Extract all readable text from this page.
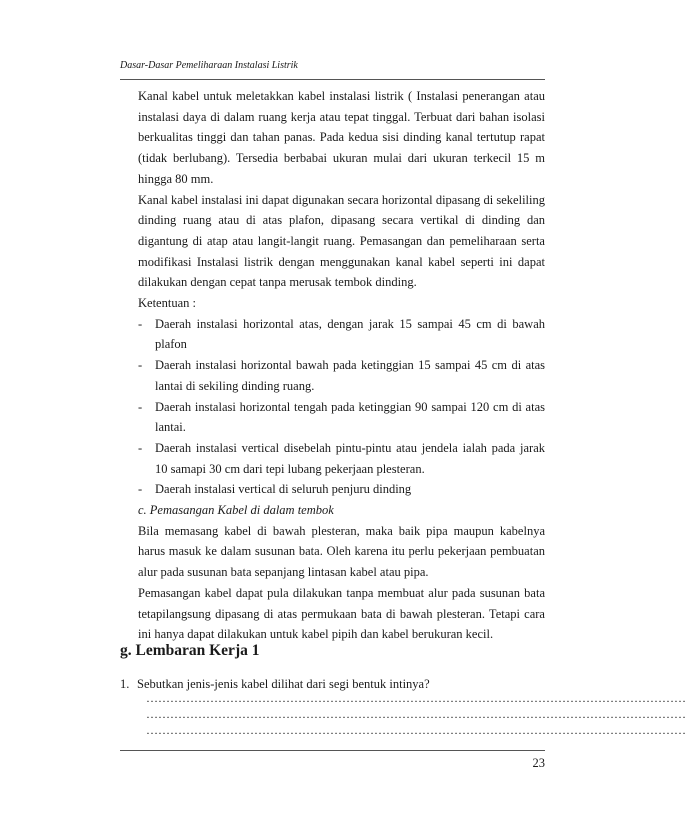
Dasar-Dasar Pemeliharaan Instalasi Listrik

Kanal kabel untuk meletakkan kabel instalasi listrik ( Instalasi penerangan atau instalasi daya di dalam ruang kerja atau tepat tinggal. Terbuat dari bahan isolasi berkualitas tinggi dan tahan panas. Pada kedua sisi dinding kanal tertutup rapat (tidak berlubang). Tersedia berbabai ukuran mulai dari ukuran terkecil 15 m hingga 80 mm.

Kanal kabel instalasi ini dapat digunakan secara horizontal dipasang di sekeliling dinding ruang atau di atas plafon, dipasang secara vertikal di dinding dan digantung di atap atau langit-langit ruang. Pemasangan dan pemeliharaan serta modifikasi Instalasi listrik dengan menggunakan kanal kabel seperti ini dapat dilakukan dengan cepat tanpa merusak tembok dinding.

Ketentuan :

-	Daerah instalasi horizontal atas, dengan jarak 15 sampai 45 cm di bawah plafon
-	Daerah instalasi horizontal bawah pada ketinggian 15 sampai 45 cm di atas lantai di sekiling dinding ruang.
-	Daerah instalasi horizontal tengah pada ketinggian 90 sampai 120 cm di atas lantai.
-	Daerah instalasi vertical disebelah pintu-pintu atau jendela ialah pada jarak 10 samapi 30 cm dari tepi lubang pekerjaan plesteran.
-	Daerah instalasi vertical di seluruh penjuru dinding

c. Pemasangan Kabel di dalam tembok

Bila memasang kabel di bawah plesteran, maka baik pipa maupun kabelnya harus masuk ke dalam susunan bata. Oleh karena itu perlu pekerjaan pembuatan alur pada susunan bata sepanjang lintasan kabel atau pipa.

Pemasangan kabel dapat pula dilakukan tanpa membuat alur pada susunan bata tetapilangsung dipasang di atas permukaan bata di bawah plesteran. Tetapi cara ini hanya dapat dilakukan untuk kabel pipih dan kabel berukuran kecil.

g. Lembaran Kerja 1
1. Sebutkan jenis-jenis kabel dilihat dari segi bentuk intinya?
………………………………………………………………………………………………………………………
………………………………………………………………………………………………………………………
………………………………………………………………………………………………………………………
23
